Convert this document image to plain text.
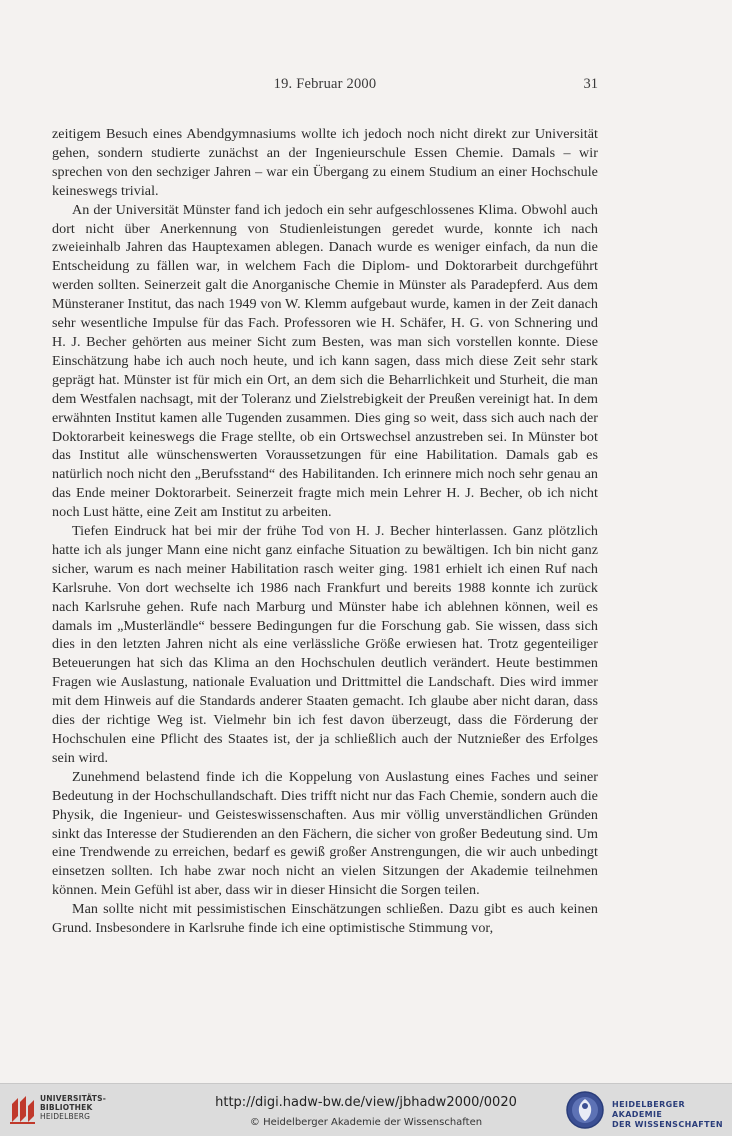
19. Februar 2000	31

zeitigem Besuch eines Abendgymnasiums wollte ich jedoch noch nicht direkt zur Universität gehen, sondern studierte zunächst an der Ingenieurschule Essen Chemie. Damals – wir sprechen von den sechziger Jahren – war ein Übergang zu einem Studium an einer Hochschule keineswegs trivial.

An der Universität Münster fand ich jedoch ein sehr aufgeschlossenes Klima. Obwohl auch dort nicht über Anerkennung von Studienleistungen geredet wurde, konnte ich nach zweieinhalb Jahren das Hauptexamen ablegen. Danach wurde es weniger einfach, da nun die Entscheidung zu fällen war, in welchem Fach die Diplom- und Doktorarbeit durchgeführt werden sollten. Seinerzeit galt die Anorganische Chemie in Münster als Paradepferd. Aus dem Münsteraner Institut, das nach 1949 von W. Klemm aufgebaut wurde, kamen in der Zeit danach sehr wesentliche Impulse für das Fach. Professoren wie H. Schäfer, H. G. von Schnering und H. J. Becher gehörten aus meiner Sicht zum Besten, was man sich vorstellen konnte. Diese Einschätzung habe ich auch noch heute, und ich kann sagen, dass mich diese Zeit sehr stark geprägt hat. Münster ist für mich ein Ort, an dem sich die Beharrlichkeit und Sturheit, die man dem Westfalen nachsagt, mit der Toleranz und Zielstrebigkeit der Preußen vereinigt hat. In dem erwähnten Institut kamen alle Tugenden zusammen. Dies ging so weit, dass sich auch nach der Doktorarbeit keineswegs die Frage stellte, ob ein Ortswechsel anzustreben sei. In Münster bot das Institut alle wünschenswerten Voraussetzungen für eine Habilitation. Damals gab es natürlich noch nicht den „Berufsstand“ des Habilitanden. Ich erinnere mich noch sehr genau an das Ende meiner Doktorarbeit. Seinerzeit fragte mich mein Lehrer H. J. Becher, ob ich nicht noch Lust hätte, eine Zeit am Institut zu arbeiten.

Tiefen Eindruck hat bei mir der frühe Tod von H. J. Becher hinterlassen. Ganz plötzlich hatte ich als junger Mann eine nicht ganz einfache Situation zu bewältigen. Ich bin nicht ganz sicher, warum es nach meiner Habilitation rasch weiter ging. 1981 erhielt ich einen Ruf nach Karlsruhe. Von dort wechselte ich 1986 nach Frankfurt und bereits 1988 konnte ich zurück nach Karlsruhe gehen. Rufe nach Marburg und Münster habe ich ablehnen können, weil es damals im „Musterländle“ bessere Bedingungen fur die Forschung gab. Sie wissen, dass sich dies in den letzten Jahren nicht als eine verlässliche Größe erwiesen hat. Trotz gegenteiliger Beteuerungen hat sich das Klima an den Hochschulen deutlich verändert. Heute bestimmen Fragen wie Auslastung, nationale Evaluation und Drittmittel die Landschaft. Dies wird immer mit dem Hinweis auf die Standards anderer Staaten gemacht. Ich glaube aber nicht daran, dass dies der richtige Weg ist. Vielmehr bin ich fest davon überzeugt, dass die Förderung der Hochschulen eine Pflicht des Staates ist, der ja schließlich auch der Nutznießer des Erfolges sein wird.

Zunehmend belastend finde ich die Koppelung von Auslastung eines Faches und seiner Bedeutung in der Hochschullandschaft. Dies trifft nicht nur das Fach Chemie, sondern auch die Physik, die Ingenieur- und Geisteswissenschaften. Aus mir völlig unverständlichen Gründen sinkt das Interesse der Studierenden an den Fächern, die sicher von großer Bedeutung sind. Um eine Trendwende zu erreichen, bedarf es gewiß großer Anstrengungen, die wir auch unbedingt einsetzen sollten. Ich habe zwar noch nicht an vielen Sitzungen der Akademie teilnehmen können. Mein Gefühl ist aber, dass wir in dieser Hinsicht die Sorgen teilen.

Man sollte nicht mit pessimistischen Einschätzungen schließen. Dazu gibt es auch keinen Grund. Insbesondere in Karlsruhe finde ich eine optimistische Stimmung vor,

UNIVERSITÄTS-
BIBLIOTHEK
HEIDELBERG
http://digi.hadw-bw.de/view/jbhadw2000/0020
© Heidelberger Akademie der Wissenschaften
HEIDELBERGER AKADEMIE
DER WISSENSCHAFTEN
